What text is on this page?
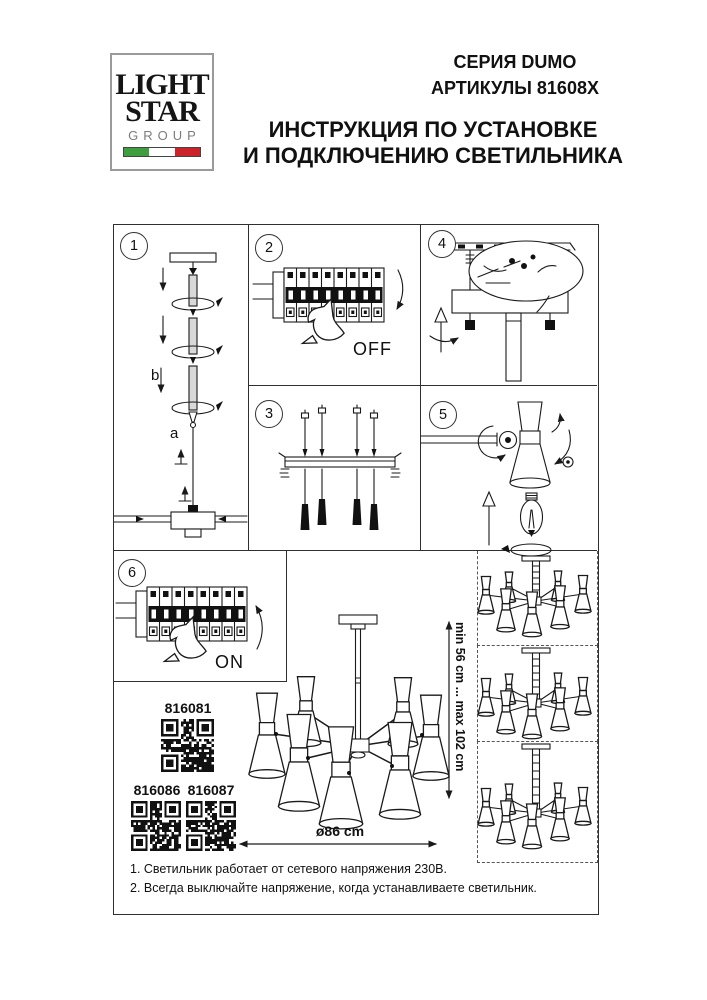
LIGHT
STAR
GROUP
СЕРИЯ DUMO
АРТИКУЛЫ 81608X
ИНСТРУКЦИЯ ПО УСТАНОВКЕ
И ПОДКЛЮЧЕНИЮ СВЕТИЛЬНИКА
1	2
3
4
5
6
b
a
OFF
ON
816081
816086 816087
min 56 cm ... max 102 cm
ø86 cm
1. Светильник работает от сетевого напряжения 230В.
2. Всегда выключайте напряжение, когда устанавливаете светильник.
